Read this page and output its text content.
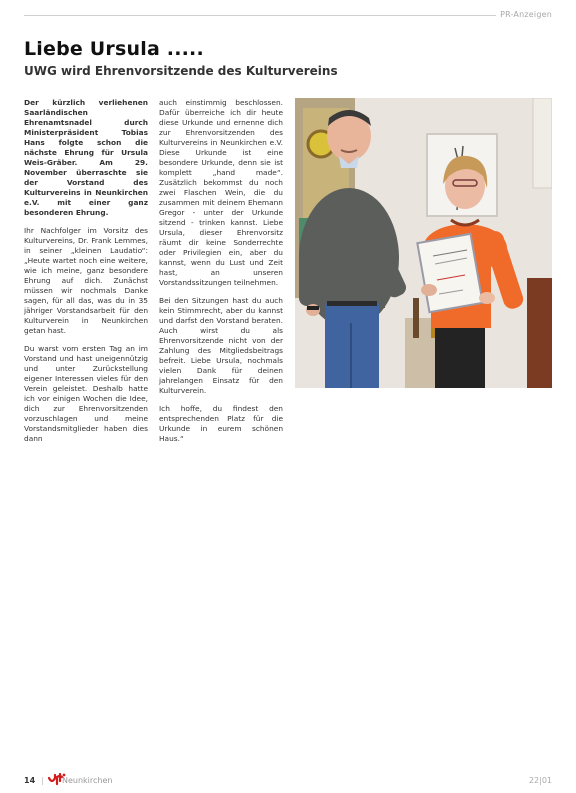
PR-Anzeigen
Liebe Ursula .....
UWG wird Ehrenvorsitzende des Kulturvereins

Der kürzlich verliehenen Saarländischen Ehrenamtsnadel durch Ministerpräsident Tobias Hans folgte schon die nächste Ehrung für Ursula Weis-Gräber. Am 29. November überraschte sie der Vorstand des Kulturvereins in Neunkirchen e.V. mit einer ganz besonderen Ehrung.

Ihr Nachfolger im Vorsitz des Kulturvereins, Dr. Frank Lemmes, in seiner „kleinen Laudatio“: „Heute wartet noch eine weitere, wie ich meine, ganz besondere Ehrung auf dich. Zunächst müssen wir nochmals Danke sagen, für all das, was du in 35 jähriger Vorstandsarbeit für den Kulturverein in Neunkirchen getan hast.

Du warst vom ersten Tag an im Vorstand und hast uneigennützig und unter Zurückstellung eigener Interessen vieles für den Verein geleistet. Deshalb hatte ich vor einigen Wochen die Idee, dich zur Ehrenvorsitzenden vorzuschlagen und meine Vorstandsmitglieder haben dies dann

auch einstimmig beschlossen. Dafür überreiche ich dir heute diese Urkunde und ernenne dich zur Ehrenvorsitzenden des Kulturvereins in Neunkirchen e.V. Diese Urkunde ist eine besondere Urkunde, denn sie ist komplett „hand made“. Zusätzlich bekommst du noch zwei Flaschen Wein, die du zusammen mit deinem Ehemann Gregor - unter der Urkunde sitzend - trinken kannst. Liebe Ursula, dieser Ehrenvorsitz räumt dir keine Sonderrechte oder Privilegien ein, aber du kannst, wenn du Lust und Zeit hast, an unseren Vorstandssitzungen teilnehmen.

Bei den Sitzungen hast du auch kein Stimmrecht, aber du kannst und darfst den Vorstand beraten. Auch wirst du als Ehrenvorsitzende nicht von der Zahlung des Mitgliedsbeitrags befreit. Liebe Ursula, nochmals vielen Dank für deinen jahrelangen Einsatz für den Kulturverein.

Ich hoffe, du findest den entsprechenden Platz für die Urkunde in eurem schönen Haus.“

14 | Neunkirchen	22|01
